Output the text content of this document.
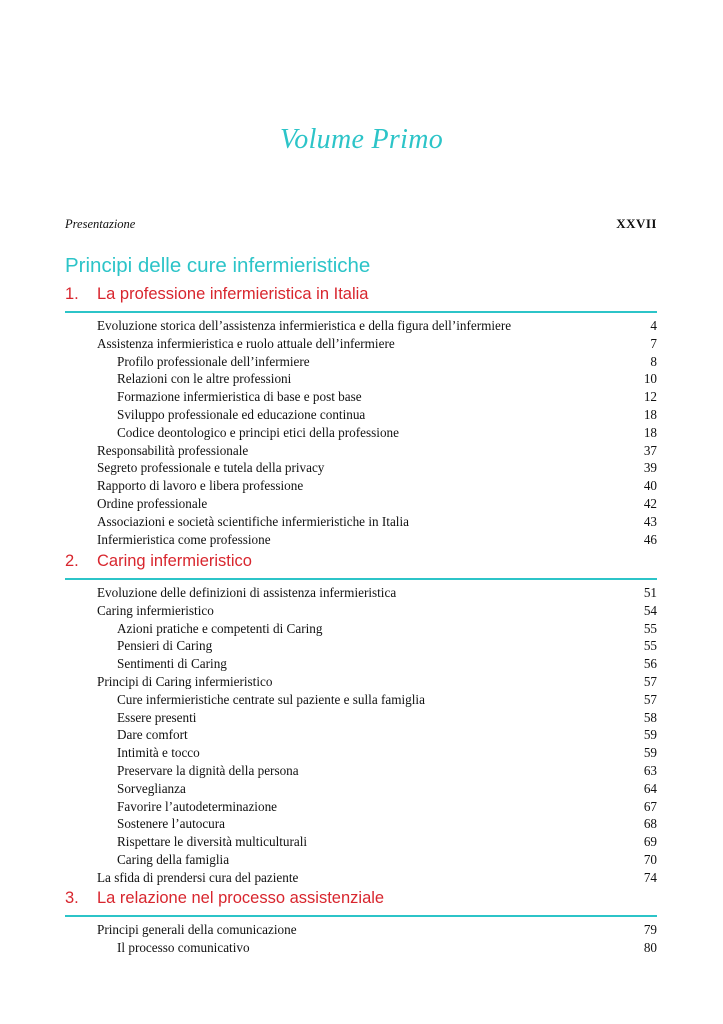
Volume Primo
Presentazione	XXVII
Principi delle cure infermieristiche
1.	La professione infermieristica in Italia
Evoluzione storica dell’assistenza infermieristica e della figura dell’infermiere	4
Assistenza infermieristica e ruolo attuale dell’infermiere	7
Profilo professionale dell’infermiere	8
Relazioni con le altre professioni	10
Formazione infermieristica di base e post base	12
Sviluppo professionale ed educazione continua	18
Codice deontologico e principi etici della professione	18
Responsabilità professionale	37
Segreto professionale e tutela della privacy	39
Rapporto di lavoro e libera professione	40
Ordine professionale	42
Associazioni e società scientifiche infermieristiche in Italia	43
Infermieristica come professione	46
2.	Caring infermieristico
Evoluzione delle definizioni di assistenza infermieristica	51
Caring infermieristico	54
Azioni pratiche e competenti di Caring	55
Pensieri di Caring	55
Sentimenti di Caring	56
Principi di Caring infermieristico	57
Cure infermieristiche centrate sul paziente e sulla famiglia	57
Essere presenti	58
Dare comfort	59
Intimità e tocco	59
Preservare la dignità della persona	63
Sorveglianza	64
Favorire l’autodeterminazione	67
Sostenere l’autocura	68
Rispettare le diversità multiculturali	69
Caring della famiglia	70
La sfida di prendersi cura del paziente	74
3.	La relazione nel processo assistenziale
Principi generali della comunicazione	79
Il processo comunicativo	80
